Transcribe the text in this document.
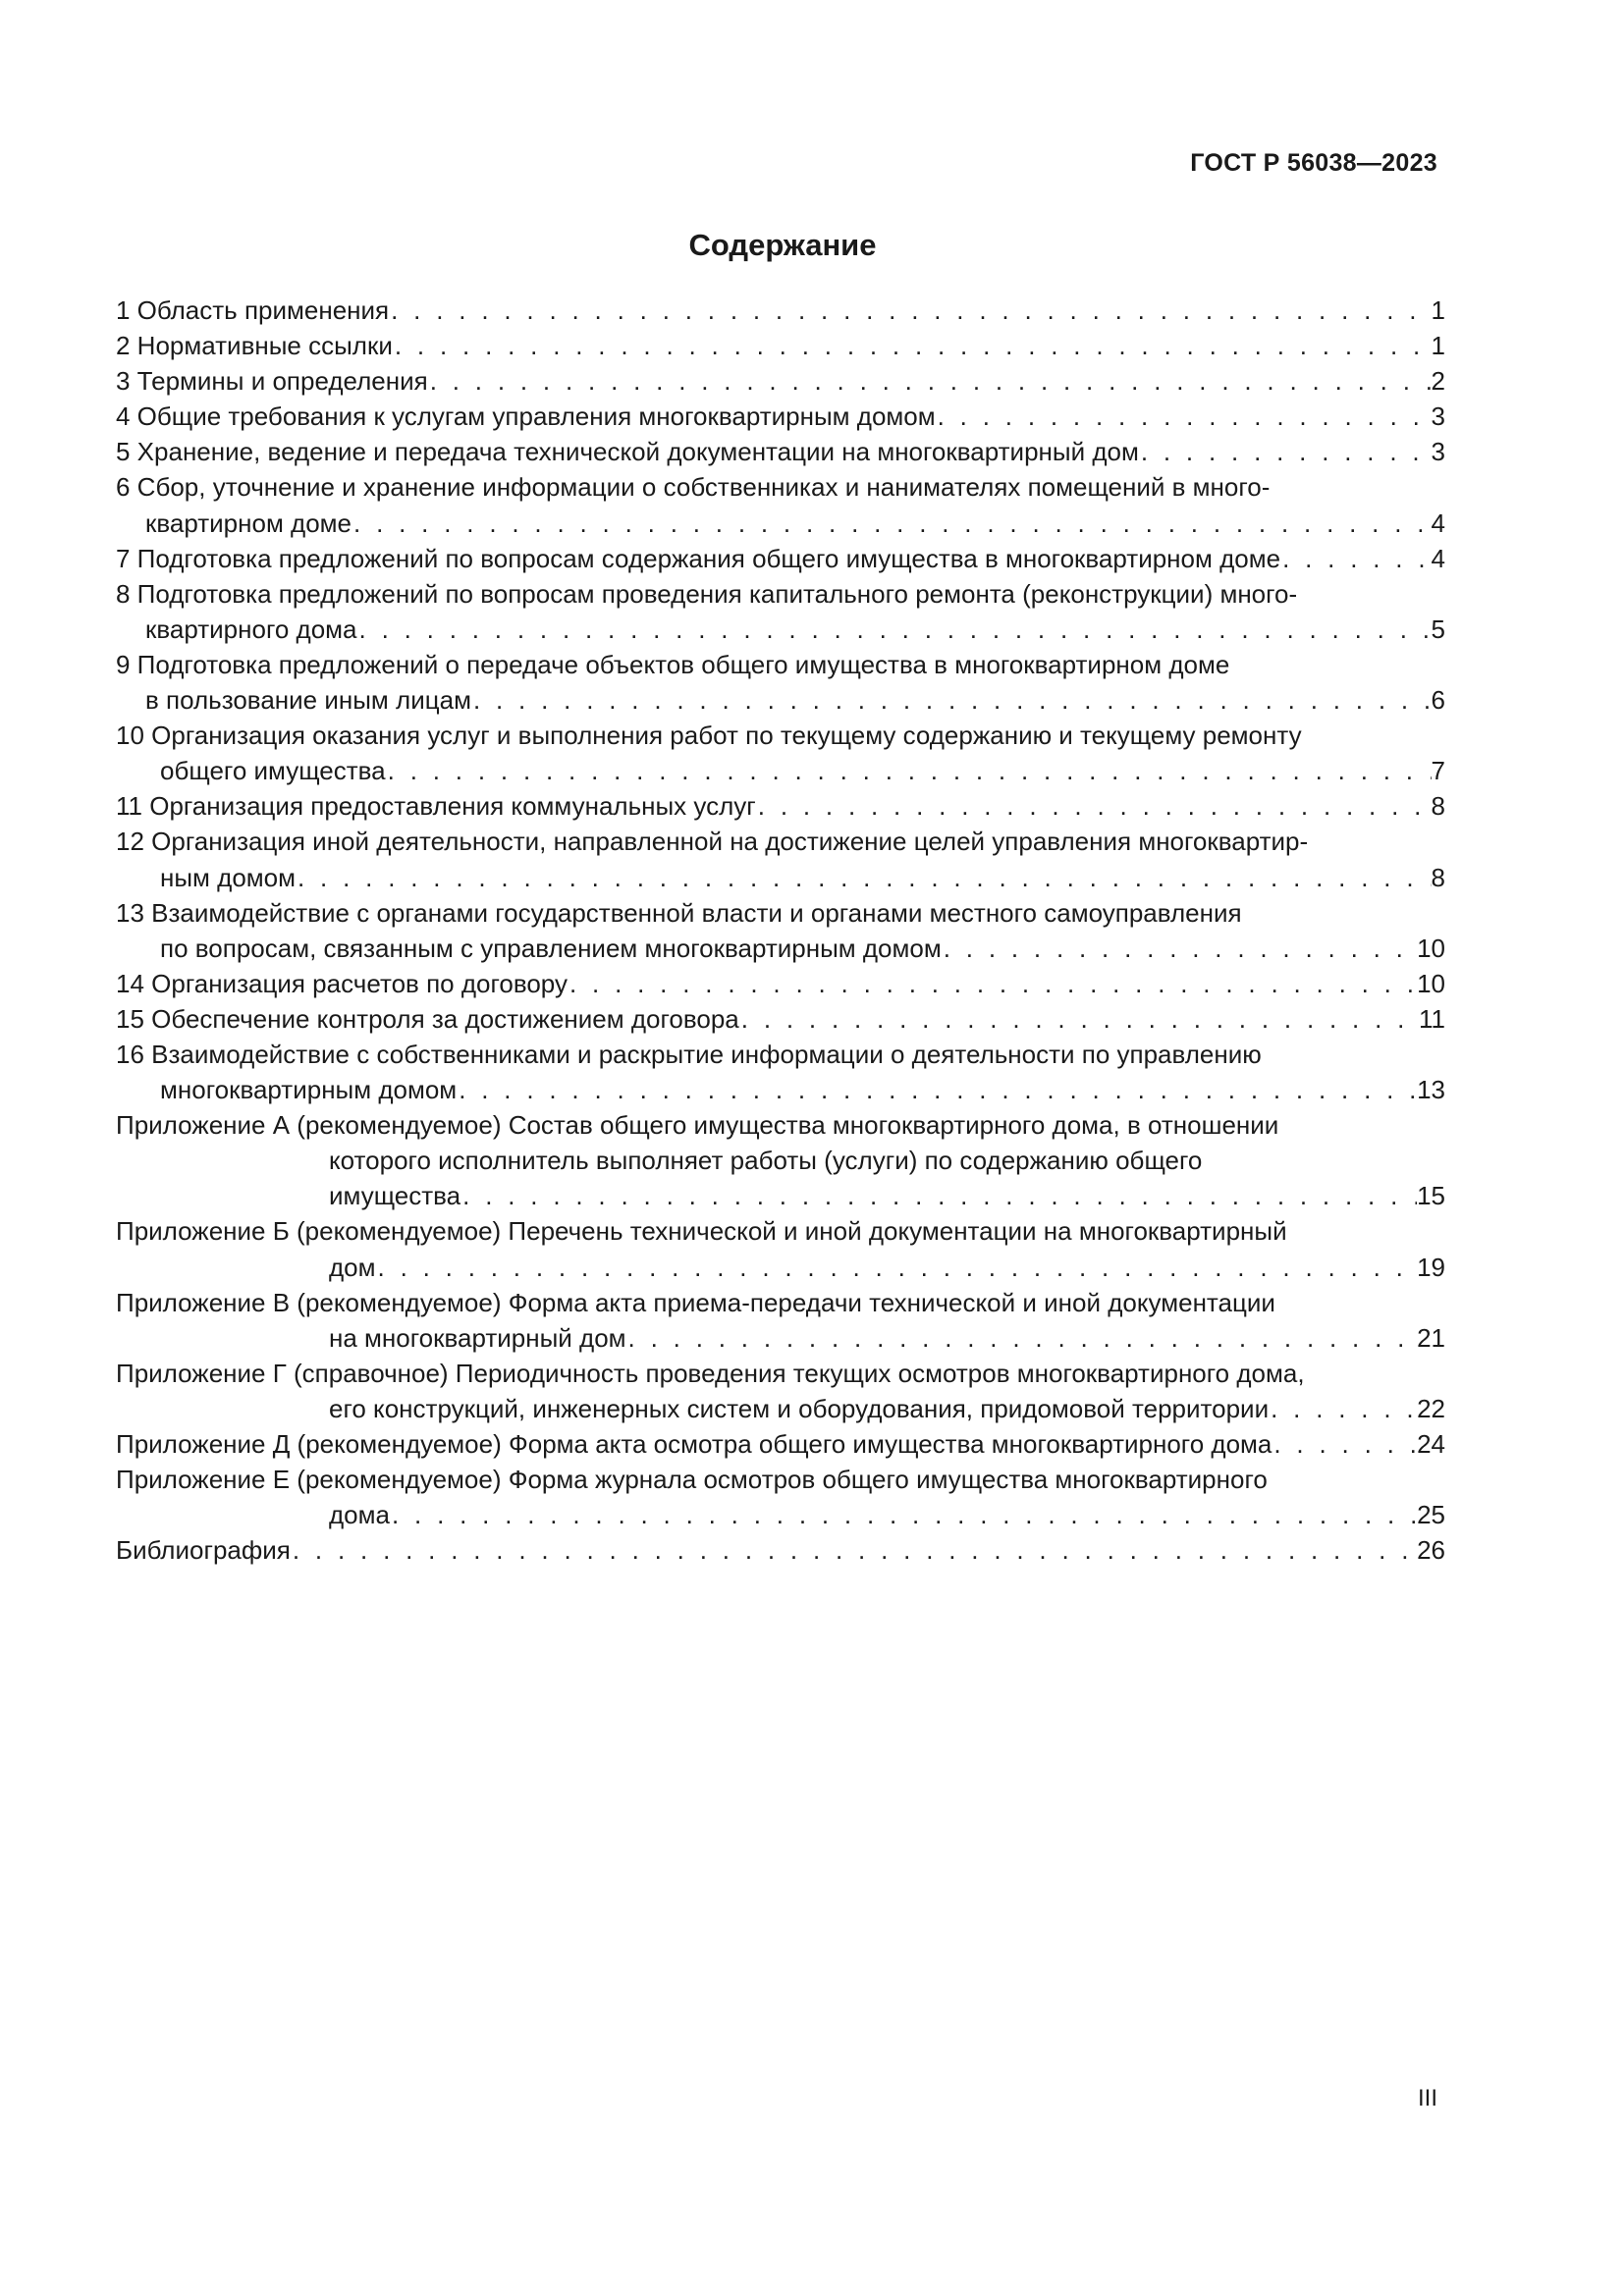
ГОСТ Р 56038—2023
Содержание
1 Область применения . . .	1
2 Нормативные ссылки . . .	1
3 Термины и определения . . .	2
4 Общие требования к услугам управления многоквартирным домом . . .	3
5 Хранение, ведение и передача технической документации на многоквартирный дом . . .	3
6 Сбор, уточнение и хранение информации о собственниках и нанимателях помещений в много-
квартирном доме . . .	4
7 Подготовка предложений по вопросам содержания общего имущества в многоквартирном доме . . .	4
8 Подготовка предложений по вопросам проведения капитального ремонта (реконструкции) много-
квартирного дома . . .	5
9 Подготовка предложений о передаче объектов общего имущества в многоквартирном доме
в пользование иным лицам . . .	6
10 Организация оказания услуг и выполнения работ по текущему содержанию и текущему ремонту
общего имущества . . .	7
11 Организация предоставления коммунальных услуг . . .	8
12 Организация иной деятельности, направленной на достижение целей управления многоквартир-
ным домом . . .	8
13 Взаимодействие с органами государственной власти и органами местного самоуправления
по вопросам, связанным с управлением многоквартирным домом . . .	10
14 Организация расчетов по договору . . .	10
15 Обеспечение контроля за достижением договора . . .	11
16 Взаимодействие с собственниками и раскрытие информации о деятельности по управлению
многоквартирным домом . . .	13
Приложение А (рекомендуемое) Состав общего имущества многоквартирного дома, в отношении
которого исполнитель выполняет работы (услуги) по содержанию общего
имущества . . .	15
Приложение Б (рекомендуемое) Перечень технической и иной документации на многоквартирный
дом . . .	19
Приложение В (рекомендуемое) Форма акта приема-передачи технической и иной документации
на многоквартирный дом . . .	21
Приложение Г (справочное) Периодичность проведения текущих осмотров многоквартирного дома,
его конструкций, инженерных систем и оборудования, придомовой территории . . .	22
Приложение Д (рекомендуемое) Форма акта осмотра общего имущества многоквартирного дома . . .	24
Приложение Е (рекомендуемое) Форма журнала осмотров общего имущества многоквартирного
дома . . .	25
Библиография . . .	26
III
